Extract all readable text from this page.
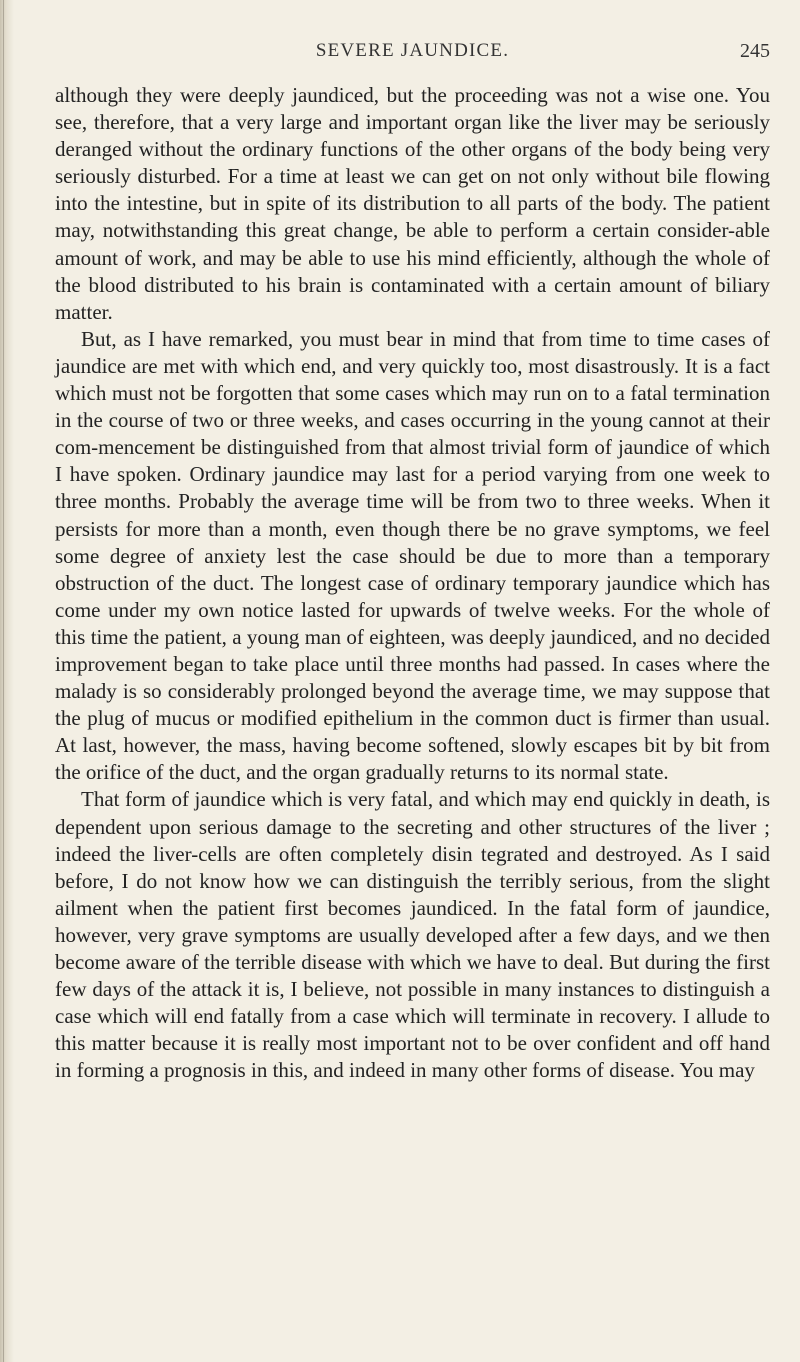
SEVERE JAUNDICE.	245

although they were deeply jaundiced, but the proceeding was not a wise one. You see, therefore, that a very large and important organ like the liver may be seriously deranged without the ordinary functions of the other organs of the body being very seriously disturbed. For a time at least we can get on not only without bile flowing into the intestine, but in spite of its distribution to all parts of the body. The patient may, notwithstanding this great change, be able to perform a certain consider-able amount of work, and may be able to use his mind efficiently, although the whole of the blood distributed to his brain is contaminated with a certain amount of biliary matter.

But, as I have remarked, you must bear in mind that from time to time cases of jaundice are met with which end, and very quickly too, most disastrously. It is a fact which must not be forgotten that some cases which may run on to a fatal termination in the course of two or three weeks, and cases occurring in the young cannot at their com-mencement be distinguished from that almost trivial form of jaundice of which I have spoken. Ordinary jaundice may last for a period varying from one week to three months. Probably the average time will be from two to three weeks. When it persists for more than a month, even though there be no grave symptoms, we feel some degree of anxiety lest the case should be due to more than a temporary obstruction of the duct. The longest case of ordinary temporary jaundice which has come under my own notice lasted for upwards of twelve weeks. For the whole of this time the patient, a young man of eighteen, was deeply jaundiced, and no decided improvement began to take place until three months had passed. In cases where the malady is so considerably prolonged beyond the average time, we may suppose that the plug of mucus or modified epithelium in the common duct is firmer than usual. At last, however, the mass, having become softened, slowly escapes bit by bit from the orifice of the duct, and the organ gradually returns to its normal state.

That form of jaundice which is very fatal, and which may end quickly in death, is dependent upon serious damage to the secreting and other structures of the liver ; indeed the liver-cells are often completely disin tegrated and destroyed. As I said before, I do not know how we can distinguish the terribly serious, from the slight ailment when the patient first becomes jaundiced. In the fatal form of jaundice, however, very grave symptoms are usually developed after a few days, and we then become aware of the terrible disease with which we have to deal. But during the first few days of the attack it is, I believe, not possible in many instances to distinguish a case which will end fatally from a case which will terminate in recovery. I allude to this matter because it is really most important not to be over confident and off hand in forming a prognosis in this, and indeed in many other forms of disease. You may
